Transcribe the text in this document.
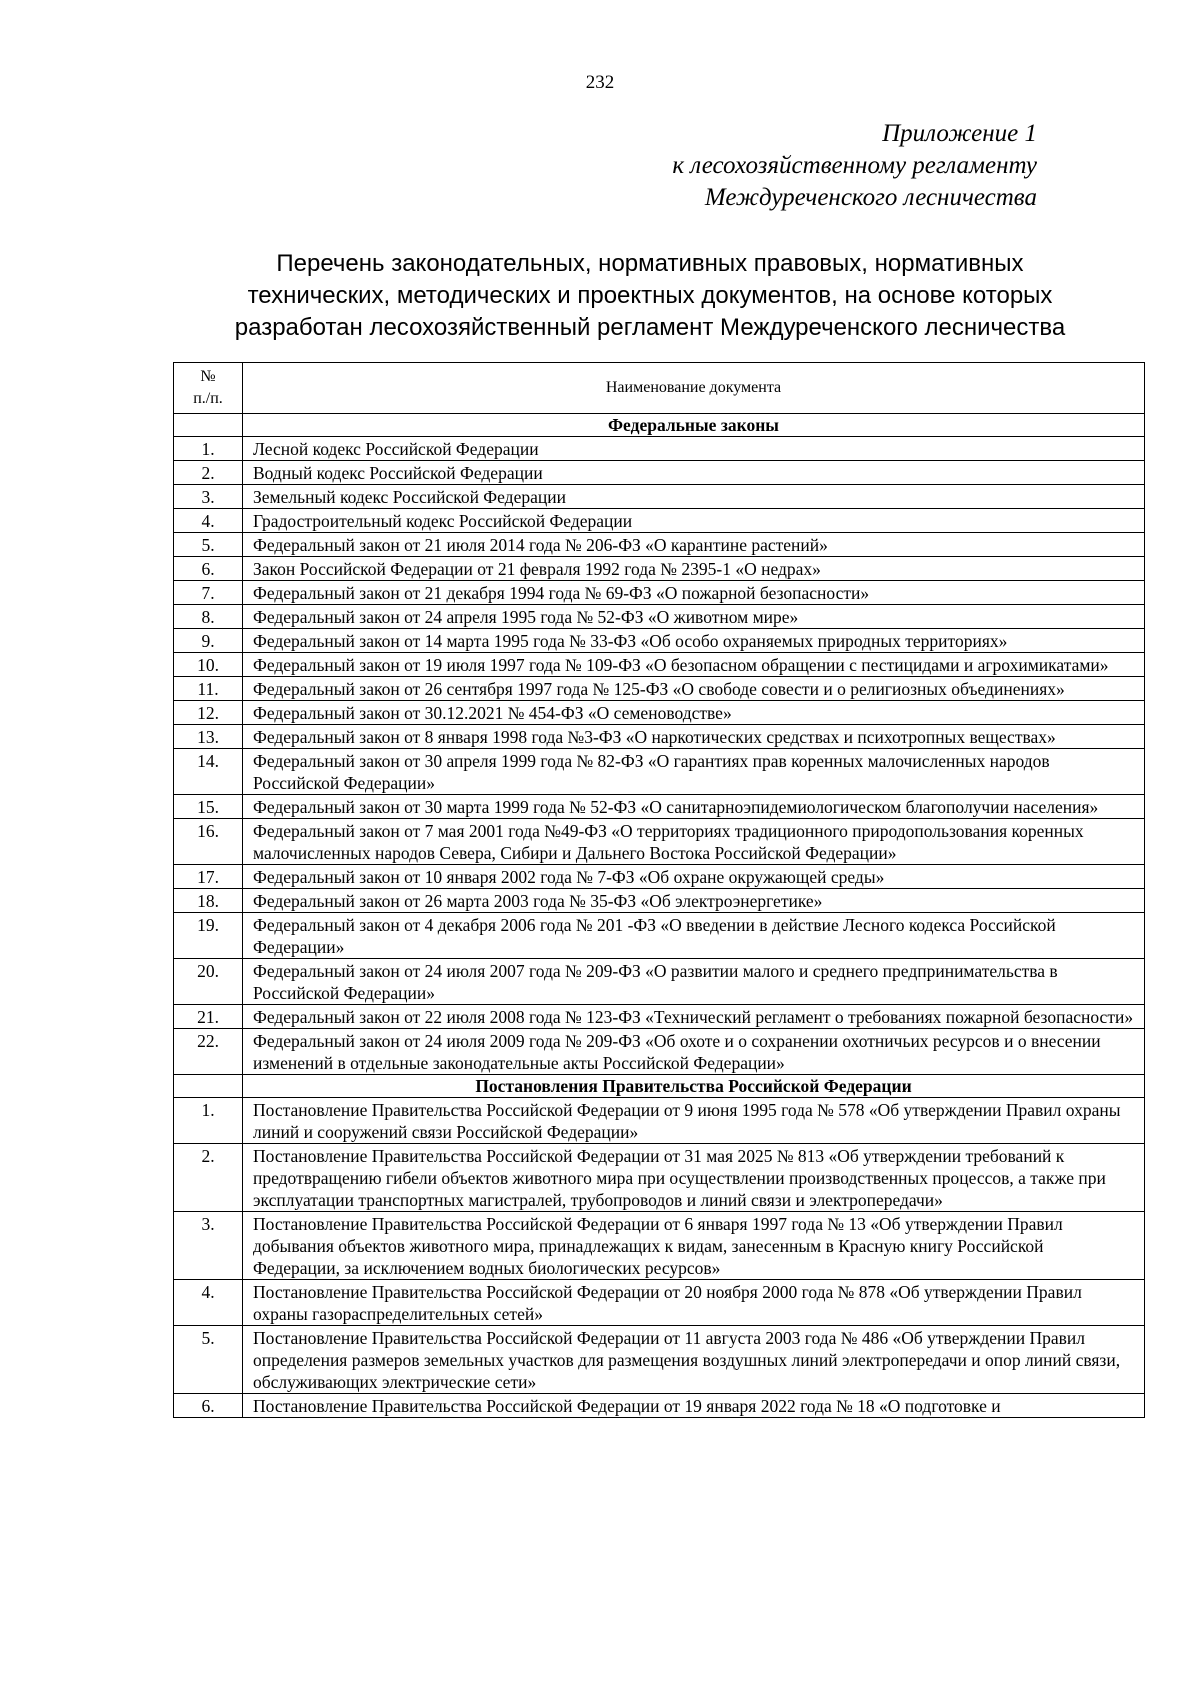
232
Приложение 1
к лесохозяйственному регламенту
Междуреченского лесничества
Перечень законодательных, нормативных правовых, нормативных
технических, методических и проектных документов, на основе которых
разработан лесохозяйственный регламент Междуреченского лесничества
№
п./п.	Наименование документа
	Федеральные законы
1.	Лесной кодекс Российской Федерации
2.	Водный кодекс Российской Федерации
3.	Земельный кодекс Российской Федерации
4.	Градостроительный кодекс Российской Федерации
5.	Федеральный закон от 21 июля 2014 года № 206-ФЗ «О карантине растений»
6.	Закон Российской Федерации от 21 февраля 1992 года № 2395-1 «О недрах»
7.	Федеральный закон от 21 декабря 1994 года № 69-ФЗ «О пожарной безопасности»
8.	Федеральный закон от 24 апреля 1995 года № 52-ФЗ «О животном мире»
9.	Федеральный закон от 14 марта 1995 года № 33-ФЗ «Об особо охраняемых природных территориях»
10.	Федеральный закон от 19 июля 1997 года № 109-ФЗ «О безопасном обращении с пестицидами и агрохимикатами»
11.	Федеральный закон от 26 сентября 1997 года № 125-ФЗ «О свободе совести и о религиозных объединениях»
12.	Федеральный закон от 30.12.2021 № 454-ФЗ «О семеноводстве»
13.	Федеральный закон от 8 января 1998 года №3-ФЗ «О наркотических средствах и психотропных веществах»
14.	Федеральный закон от 30 апреля 1999 года № 82-ФЗ «О гарантиях прав коренных малочисленных народов Российской Федерации»
15.	Федеральный закон от 30 марта 1999 года № 52-ФЗ «О санитарноэпидемиологическом благополучии населения»
16.	Федеральный закон от 7 мая 2001 года №49-ФЗ «О территориях традиционного природопользования коренных малочисленных народов Севера, Сибири и Дальнего Востока Российской Федерации»
17.	Федеральный закон от 10 января 2002 года № 7-ФЗ «Об охране окружающей среды»
18.	Федеральный закон от 26 марта 2003 года № 35-ФЗ «Об электроэнергетике»
19.	Федеральный закон от 4 декабря 2006 года № 201 -ФЗ «О введении в действие Лесного кодекса Российской Федерации»
20.	Федеральный закон от 24 июля 2007 года № 209-ФЗ «О развитии малого и среднего предпринимательства в Российской Федерации»
21.	Федеральный закон от 22 июля 2008 года № 123-ФЗ «Технический регламент о требованиях пожарной безопасности»
22.	Федеральный закон от 24 июля 2009 года № 209-ФЗ «Об охоте и о сохранении охотничьих ресурсов и о внесении изменений в отдельные законодательные акты Российской Федерации»
	Постановления Правительства Российской Федерации
1.	Постановление Правительства Российской Федерации от 9 июня 1995 года № 578 «Об утверждении Правил охраны линий и сооружений связи Российской Федерации»
2.	Постановление Правительства Российской Федерации от 31 мая 2025 № 813 «Об утверждении требований к предотвращению гибели объектов животного мира при осуществлении производственных процессов, а также при эксплуатации транспортных магистралей, трубопроводов и линий связи и электропередачи»
3.	Постановление Правительства Российской Федерации от 6 января 1997 года № 13 «Об утверждении Правил добывания объектов животного мира, принадлежащих к видам, занесенным в Красную книгу Российской Федерации, за исключением водных биологических ресурсов»
4.	Постановление Правительства Российской Федерации от 20 ноября 2000 года № 878 «Об утверждении Правил охраны газораспределительных сетей»
5.	Постановление Правительства Российской Федерации от 11 августа 2003 года № 486 «Об утверждении Правил определения размеров земельных участков для размещения воздушных линий электропередачи и опор линий связи, обслуживающих электрические сети»
6.	Постановление Правительства Российской Федерации от 19 января 2022 года № 18 «О подготовке и
